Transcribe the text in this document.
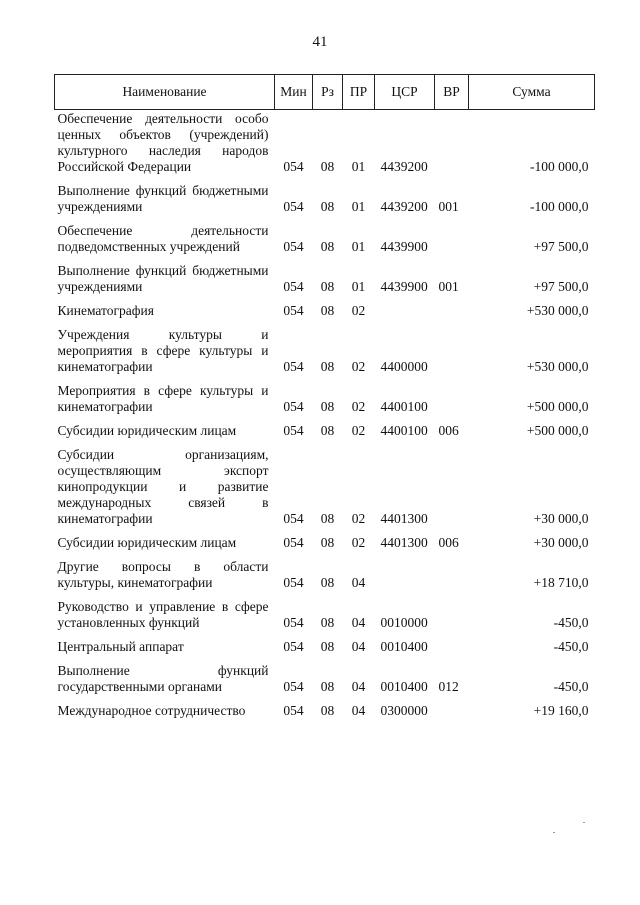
41
Наименование	Мин	Рз	ПР	ЦСР	ВР	Сумма
Обеспечение деятельности особо ценных объектов (учреждений) культурного наследия народов Российской Федерации	054	08	01	4439200		-100 000,0
Выполнение функций бюджетными учреждениями	054	08	01	4439200	001	-100 000,0
Обеспечение деятельности подведомственных учреждений	054	08	01	4439900		+97 500,0
Выполнение функций бюджетными учреждениями	054	08	01	4439900	001	+97 500,0
Кинематография	054	08	02			+530 000,0
Учреждения культуры и мероприятия в сфере культуры и кинематографии	054	08	02	4400000		+530 000,0
Мероприятия в сфере культуры и кинематографии	054	08	02	4400100		+500 000,0
Субсидии юридическим лицам	054	08	02	4400100	006	+500 000,0
Субсидии организациям, осуществляющим экспорт кинопродукции и развитие международных связей в кинематографии	054	08	02	4401300		+30 000,0
Субсидии юридическим лицам	054	08	02	4401300	006	+30 000,0
Другие вопросы в области культуры, кинематографии	054	08	04			+18 710,0
Руководство и управление в сфере установленных функций	054	08	04	0010000		-450,0
Центральный аппарат	054	08	04	0010400		-450,0
Выполнение функций государственными органами	054	08	04	0010400	012	-450,0
Международное сотрудничество	054	08	04	0300000		+19 160,0
